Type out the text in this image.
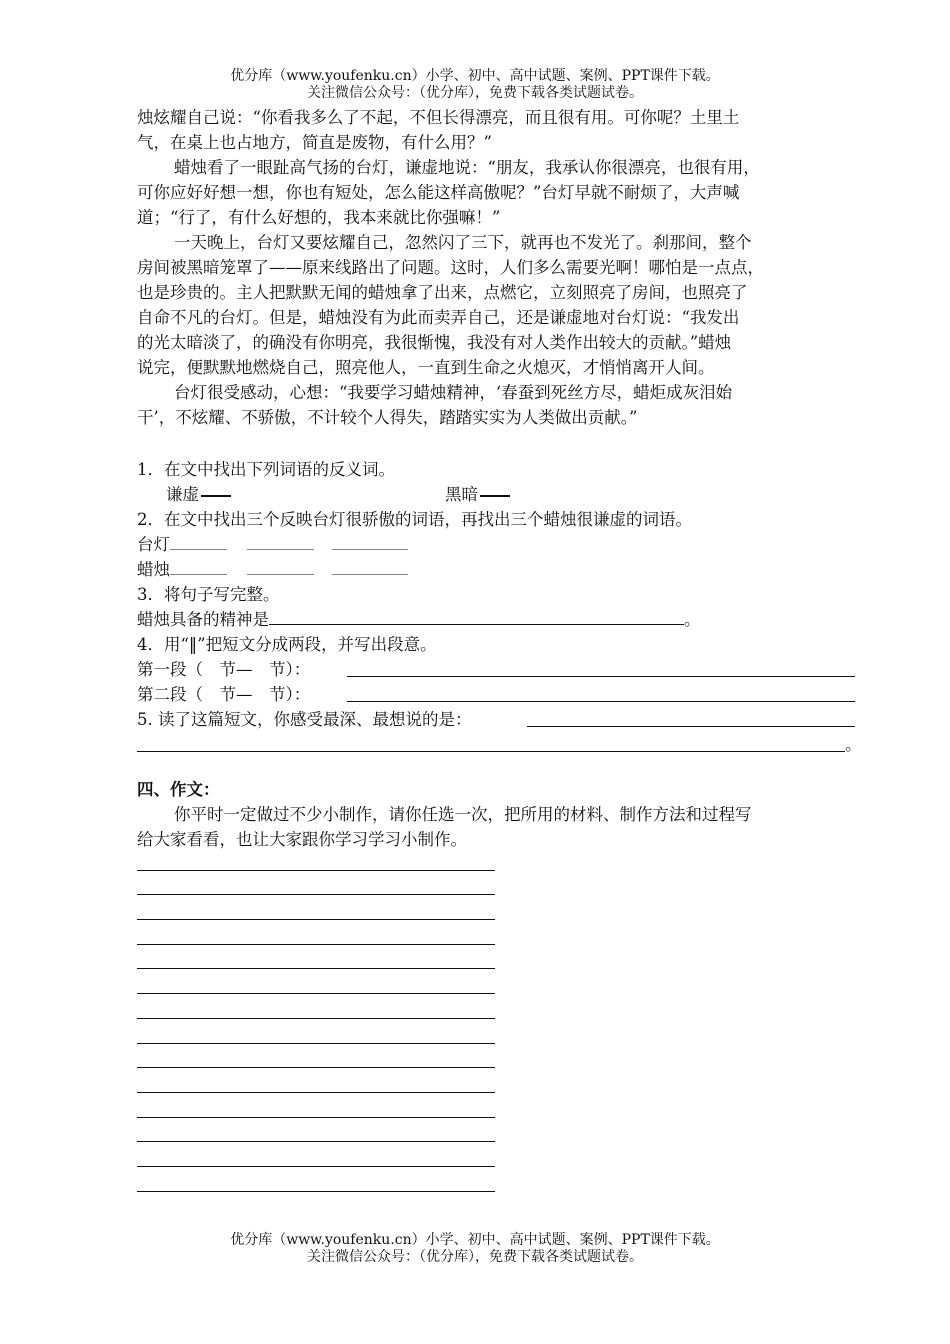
优分库（www.youfenku.cn）小学、初中、高中试题、案例、PPT课件下载。
关注微信公众号：（优分库），免费下载各类试题试卷。

烛炫耀自己说：“你看我多么了不起，不但长得漂亮，而且很有用。可你呢？土里土

气，在桌上也占地方，简直是废物，有什么用？”

蜡烛看了一眼趾高气扬的台灯，谦虚地说：“朋友，我承认你很漂亮，也很有用，

可你应好好想一想，你也有短处，怎么能这样高傲呢？”台灯早就不耐烦了，大声喊

道；“行了，有什么好想的，我本来就比你强嘛！”

一天晚上，台灯又要炫耀自己，忽然闪了三下，就再也不发光了。刹那间，整个

房间被黑暗笼罩了——原来线路出了问题。这时，人们多么需要光啊！哪怕是一点点，

也是珍贵的。主人把默默无闻的蜡烛拿了出来，点燃它，立刻照亮了房间，也照亮了

自命不凡的台灯。但是，蜡烛没有为此而卖弄自己，还是谦虚地对台灯说：“我发出

的光太暗淡了，的确没有你明亮，我很惭愧，我没有对人类作出较大的贡献。”蜡烛

说完，便默默地燃烧自己，照亮他人，一直到生命之火熄灭，才悄悄离开人间。

台灯很受感动，心想：“我要学习蜡烛精神，‘春蚕到死丝方尽，蜡炬成灰泪始

干’，不炫耀、不骄傲，不计较个人得失，踏踏实实为人类做出贡献。”

1．在文中找出下列词语的反义词。
谦虚	黑暗
2．在文中找出三个反映台灯很骄傲的词语，再找出三个蜡烛很谦虚的词语。
台灯
蜡烛
3．将句子写完整。
蜡烛具备的精神是	。
4．用“‖”把短文分成两段，并写出段意。
第一段（　节—　节）：
第二段（　节—　节）：
5. 读了这篇短文，你感受最深、最想说的是：
。

四、作文：

你平时一定做过不少小制作，请你任选一次，把所用的材料、制作方法和过程写

给大家看看，也让大家跟你学习学习小制作。

优分库（www.youfenku.cn）小学、初中、高中试题、案例、PPT课件下载。
关注微信公众号：（优分库），免费下载各类试题试卷。
